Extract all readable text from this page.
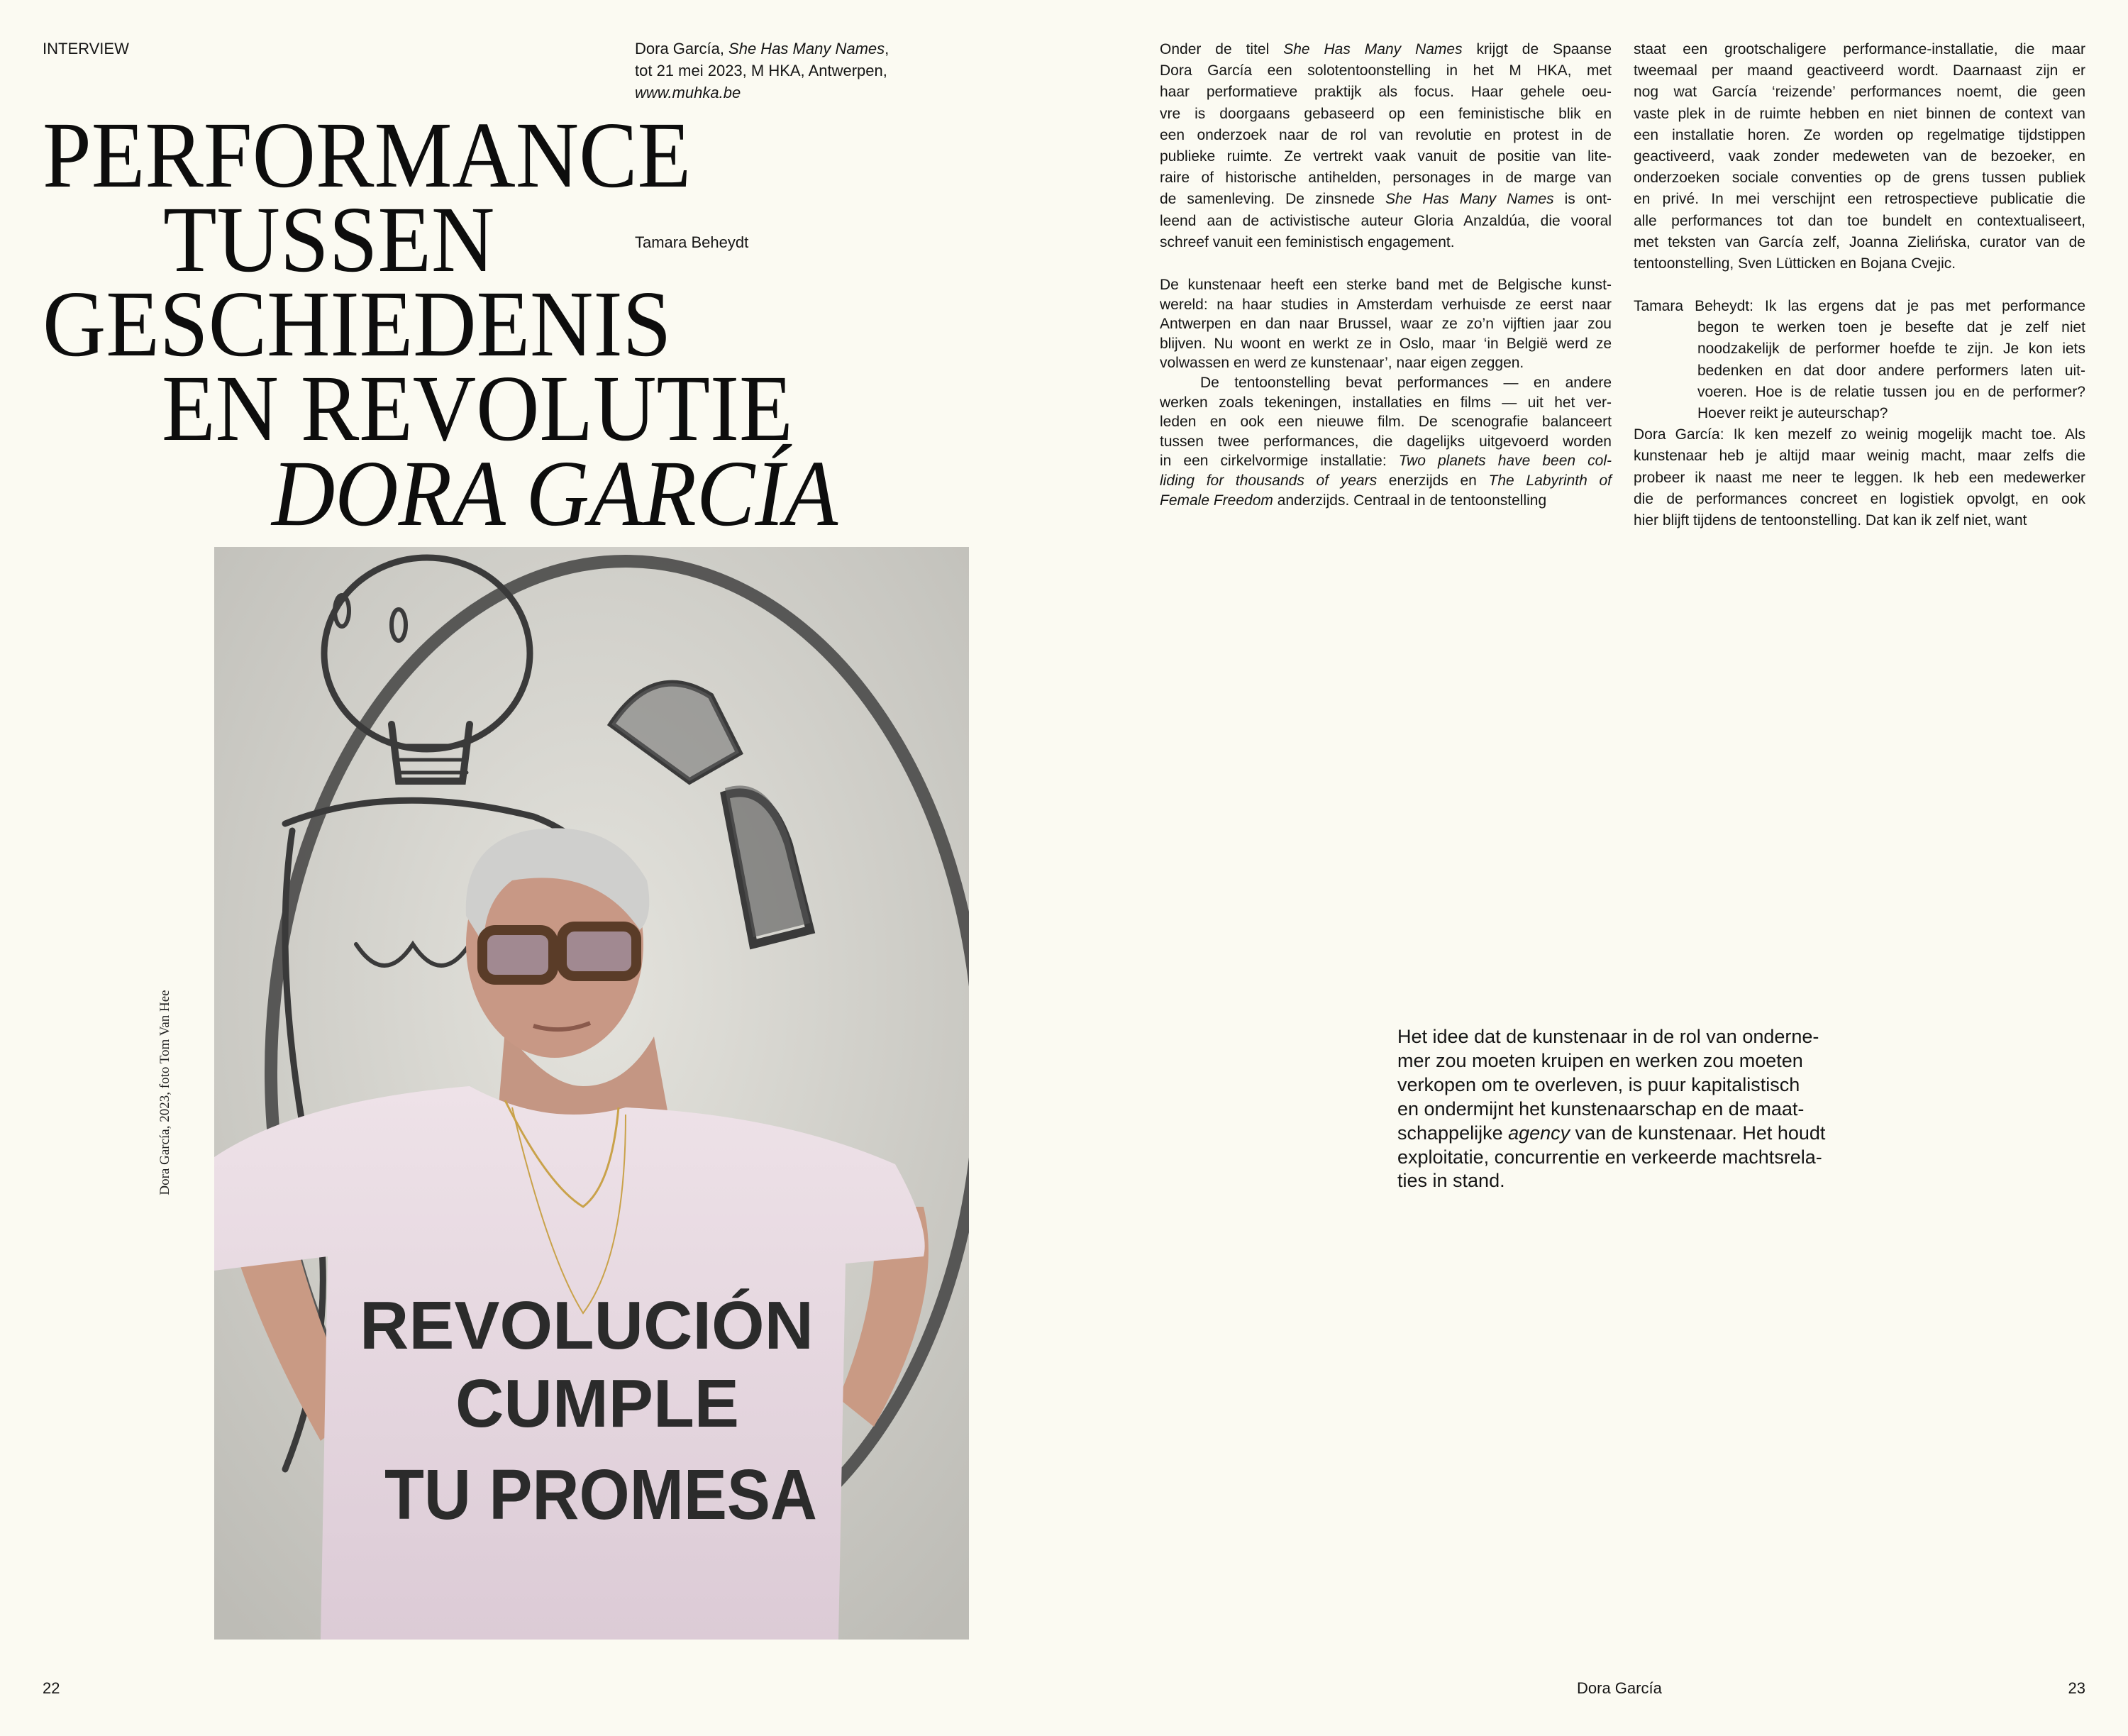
INTERVIEW	Dora García, She Has Many Names,
tot 21 mei 2023, M HKA, Antwerpen,
www.muhka.be
Tamara Beheydt
PERFORMANCE
TUSSEN
GESCHIEDENIS
EN REVOLUTIE
DORA GARCÍA
REVOLUCIÓN
CUMPLE
TU PROMESA
Dora García, 2023, foto Tom Van Hee
Onder de titel She Has Many Names krijgt de Spaanse
Dora García een solotentoonstelling in het M HKA, met
haar performatieve praktijk als focus. Haar gehele oeu-
vre is doorgaans gebaseerd op een feministische blik en
een onderzoek naar de rol van revolutie en protest in de
publieke ruimte. Ze vertrekt vaak vanuit de positie van lite-
raire of historische antihelden, personages in de marge van
de samenleving. De zinsnede She Has Many Names is ont-
leend aan de activistische auteur Gloria Anzaldúa, die vooral
schreef vanuit een feministisch engagement.
De kunstenaar heeft een sterke band met de Belgische kunst-
wereld: na haar studies in Amsterdam verhuisde ze eerst naar
Antwerpen en dan naar Brussel, waar ze zo’n vijftien jaar zou
blijven. Nu woont en werkt ze in Oslo, maar ‘in België werd ze
volwassen en werd ze kunstenaar’, naar eigen zeggen.
De tentoonstelling bevat performances — en andere
werken zoals tekeningen, installaties en films — uit het ver-
leden en ook een nieuwe film. De scenografie balanceert
tussen twee performances, die dagelijks uitgevoerd worden
in een cirkelvormige installatie: Two planets have been col-
liding for thousands of years enerzijds en The Labyrinth of
Female Freedom anderzijds. Centraal in de tentoonstelling
staat een grootschaligere performance-installatie, die maar
tweemaal per maand geactiveerd wordt. Daarnaast zijn er
nog wat García ‘reizende’ performances noemt, die geen
vaste plek in de ruimte hebben en niet binnen de context van
een installatie horen. Ze worden op regelmatige tijdstippen
geactiveerd, vaak zonder medeweten van de bezoeker, en
onderzoeken sociale conventies op de grens tussen publiek
en privé. In mei verschijnt een retrospectieve publicatie die
alle performances tot dan toe bundelt en contextualiseert,
met teksten van García zelf, Joanna Zielińska, curator van de
tentoonstelling, Sven Lütticken en Bojana Cvejic.
Tamara Beheydt: Ik las ergens dat je pas met performance
begon te werken toen je besefte dat je zelf niet
noodzakelijk de performer hoefde te zijn. Je kon iets
bedenken en dat door andere performers laten uit-
voeren. Hoe is de relatie tussen jou en de performer?
Hoever reikt je auteurschap?
Dora García: Ik ken mezelf zo weinig mogelijk macht toe. Als
kunstenaar heb je altijd maar weinig macht, maar zelfs die
probeer ik naast me neer te leggen. Ik heb een medewerker
die de performances concreet en logistiek opvolgt, en ook
hier blijft tijdens de tentoonstelling. Dat kan ik zelf niet, want
Het idee dat de kunstenaar in de rol van onderne-
mer zou moeten kruipen en werken zou moeten
verkopen om te overleven, is puur kapitalistisch
en ondermijnt het kunstenaarschap en de maat-
schappelijke agency van de kunstenaar. Het houdt
exploitatie, concurrentie en verkeerde machtsrela-
ties in stand.
22	Dora García	23
